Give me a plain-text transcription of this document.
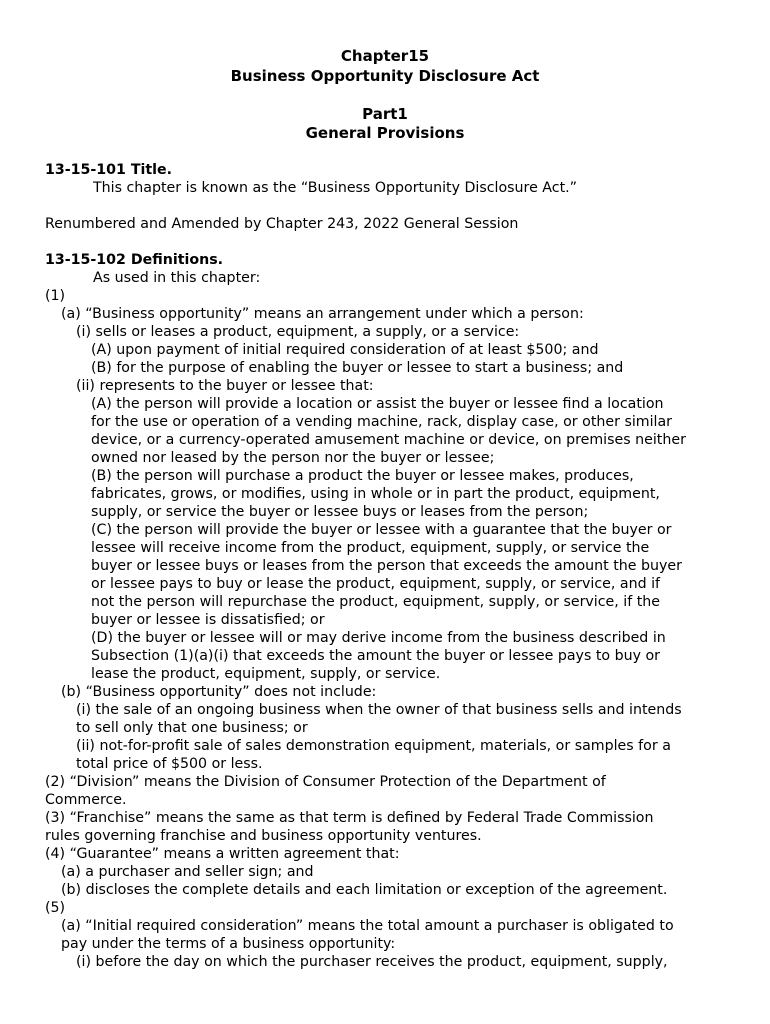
Chapter15
Business Opportunity Disclosure Act
Part1
General Provisions
13-15-101 Title.
This chapter is known as the “Business Opportunity Disclosure Act.”
Renumbered and Amended by Chapter 243, 2022 General Session
13-15-102 Definitions.
As used in this chapter:
(1)
(a) “Business opportunity” means an arrangement under which a person:
(i) sells or leases a product, equipment, a supply, or a service:
(A) upon payment of initial required consideration of at least $500; and
(B) for the purpose of enabling the buyer or lessee to start a business; and
(ii) represents to the buyer or lessee that:
(A) the person will provide a location or assist the buyer or lessee find a location
for the use or operation of a vending machine, rack, display case, or other similar
device, or a currency-operated amusement machine or device, on premises neither
owned nor leased by the person nor the buyer or lessee;
(B) the person will purchase a product the buyer or lessee makes, produces,
fabricates, grows, or modifies, using in whole or in part the product, equipment,
supply, or service the buyer or lessee buys or leases from the person;
(C) the person will provide the buyer or lessee with a guarantee that the buyer or
lessee will receive income from the product, equipment, supply, or service the
buyer or lessee buys or leases from the person that exceeds the amount the buyer
or lessee pays to buy or lease the product, equipment, supply, or service, and if
not the person will repurchase the product, equipment, supply, or service, if the
buyer or lessee is dissatisfied; or
(D) the buyer or lessee will or may derive income from the business described in
Subsection (1)(a)(i) that exceeds the amount the buyer or lessee pays to buy or
lease the product, equipment, supply, or service.
(b) “Business opportunity” does not include:
(i) the sale of an ongoing business when the owner of that business sells and intends
to sell only that one business; or
(ii) not-for-profit sale of sales demonstration equipment, materials, or samples for a
total price of $500 or less.
(2) “Division” means the Division of Consumer Protection of the Department of
Commerce.
(3) “Franchise” means the same as that term is defined by Federal Trade Commission
rules governing franchise and business opportunity ventures.
(4) “Guarantee” means a written agreement that:
(a) a purchaser and seller sign; and
(b) discloses the complete details and each limitation or exception of the agreement.
(5)
(a) “Initial required consideration” means the total amount a purchaser is obligated to
pay under the terms of a business opportunity:
(i) before the day on which the purchaser receives the product, equipment, supply,
